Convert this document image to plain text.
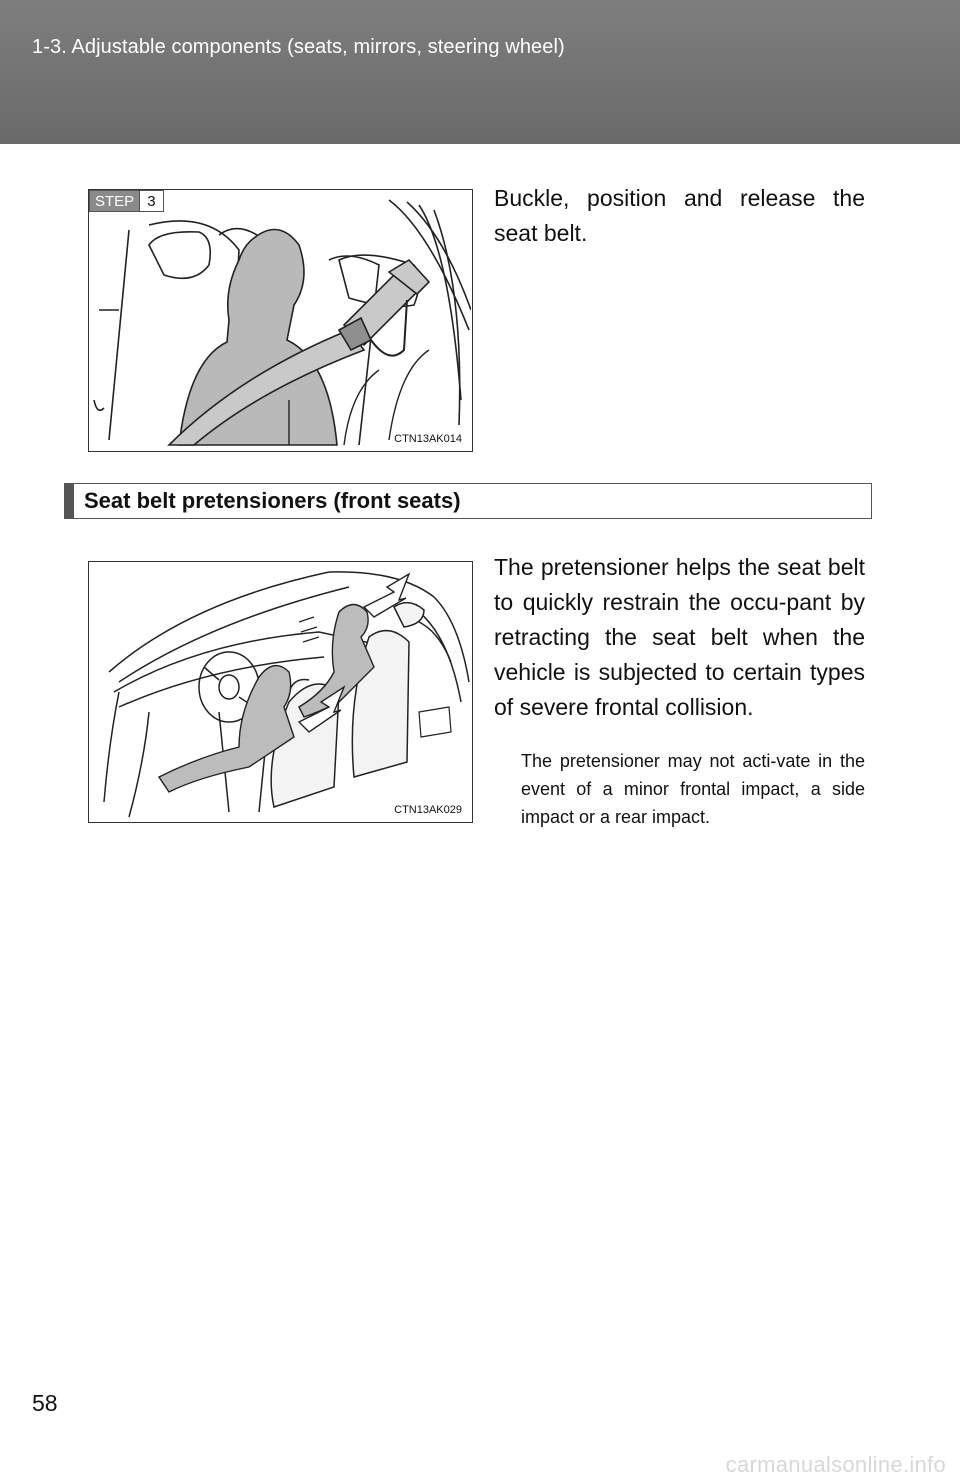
1-3. Adjustable components (seats, mirrors, steering wheel)
STEP 3
CTN13AK014
Buckle, position and release the seat belt.
Seat belt pretensioners (front seats)
CTN13AK029
The pretensioner helps the seat belt to quickly restrain the occu-pant by retracting the seat belt when the vehicle is subjected to certain types of severe frontal collision.
The pretensioner may not acti-vate in the event of a minor frontal impact, a side impact or a rear impact.
58
carmanualsonline.info
